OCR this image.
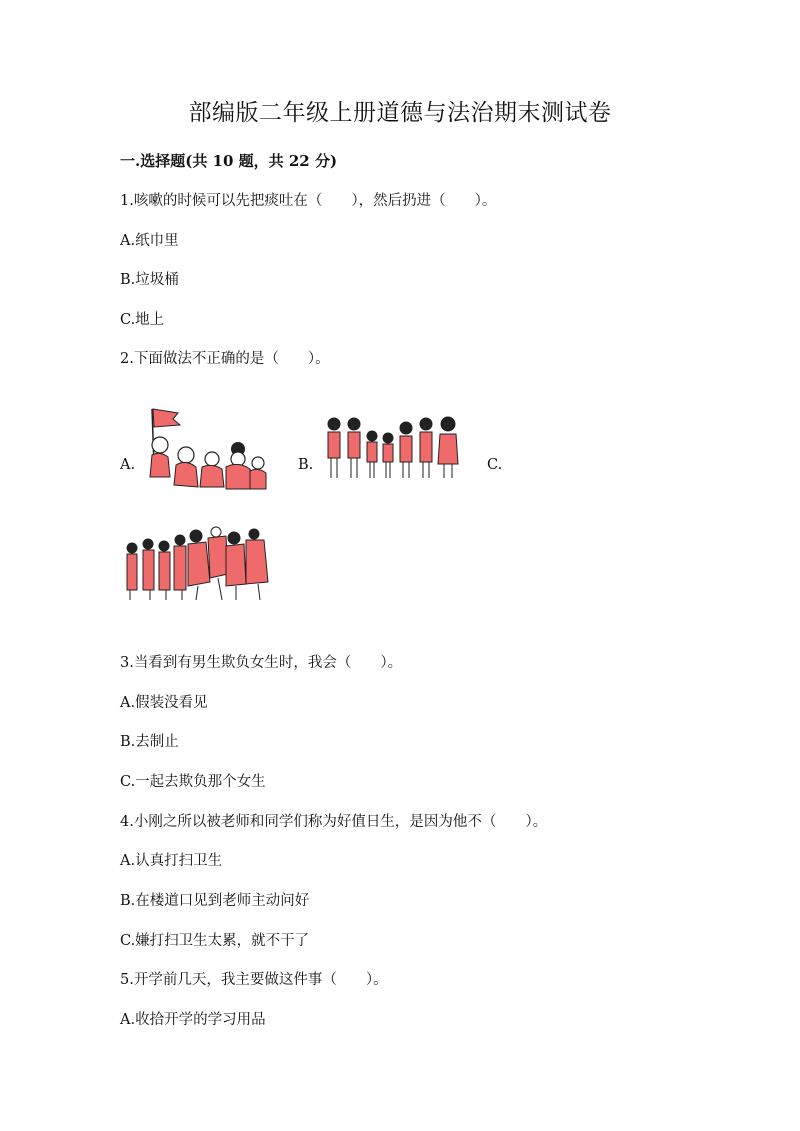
部编版二年级上册道德与法治期末测试卷
一.选择题(共 10 题，共 22 分)
1.咳嗽的时候可以先把痰吐在（　　），然后扔进（　　）。
A.纸巾里
B.垃圾桶
C.地上
2.下面做法不正确的是（　　）。
A.	B.	C.
3.当看到有男生欺负女生时，我会（　　）。
A.假装没看见
B.去制止
C.一起去欺负那个女生
4.小刚之所以被老师和同学们称为好值日生，是因为他不（　　）。
A.认真打扫卫生
B.在楼道口见到老师主动问好
C.嫌打扫卫生太累，就不干了
5.开学前几天，我主要做这件事（　　）。
A.收拾开学的学习用品
